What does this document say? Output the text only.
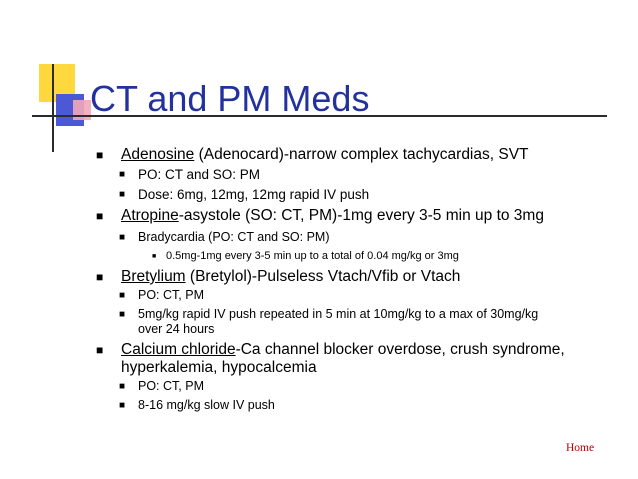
CT and PM Meds
■ Adenosine (Adenocard)-narrow complex tachycardias, SVT
■ PO: CT and SO: PM
■ Dose: 6mg, 12mg, 12mg rapid IV push
■ Atropine-asystole (SO: CT, PM)-1mg every 3-5 min up to 3mg
■ Bradycardia (PO: CT and SO: PM)
■ 0.5mg-1mg every 3-5 min up to a total of 0.04 mg/kg or 3mg
■ Bretylium (Bretylol)-Pulseless Vtach/Vfib or Vtach
■ PO: CT, PM
■ 5mg/kg rapid IV push repeated in 5 min at 10mg/kg to a max of 30mg/kg
over 24 hours
■ Calcium chloride-Ca channel blocker overdose, crush syndrome,
hyperkalemia, hypocalcemia
■ PO: CT, PM
■ 8-16 mg/kg slow IV push
Home
